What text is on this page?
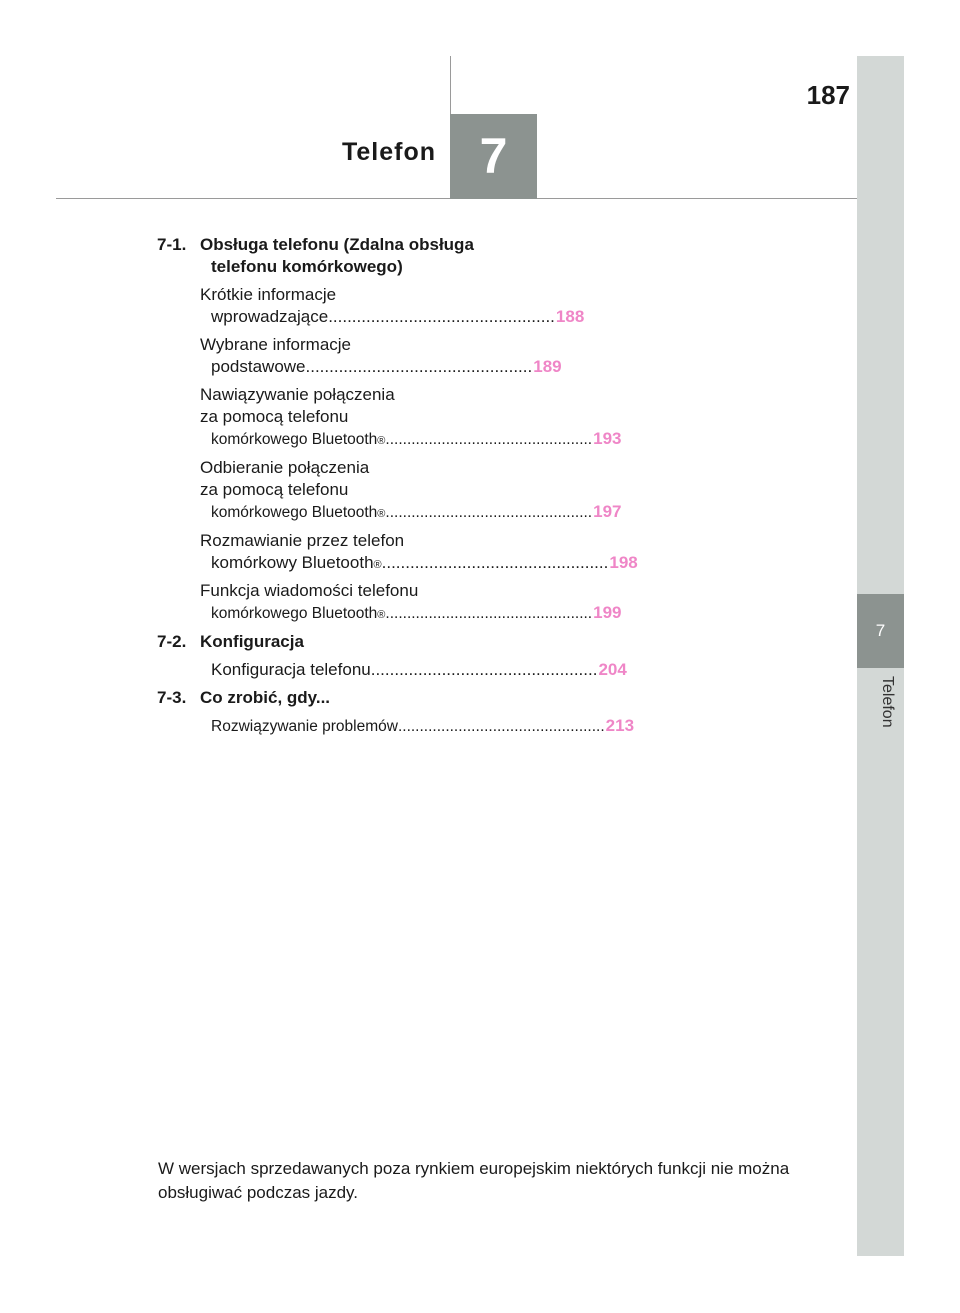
187
Telefon 7
7
Telefon
7-1. Obsługa telefonu (Zdalna obsługa telefonu komórkowego)
Krótkie informacje
wprowadzające ................................................ 188
Wybrane informacje
podstawowe ................................................ 189
Nawiązywanie połączenia
za pomocą telefonu
komórkowego Bluetooth ® ................................................ 193
Odbieranie połączenia
za pomocą telefonu
komórkowego Bluetooth ® ................................................ 197
Rozmawianie przez telefon
komórkowy Bluetooth ® ................................................ 198
Funkcja wiadomości telefonu
komórkowego Bluetooth ® ................................................ 199
7-2. Konfiguracja
Konfiguracja telefonu ................................................ 204
7-3. Co zrobić, gdy...
Rozwiązywanie problemów ................................................ 213
W wersjach sprzedawanych poza rynkiem europejskim niektórych funkcji nie można obsługiwać podczas jazdy.
